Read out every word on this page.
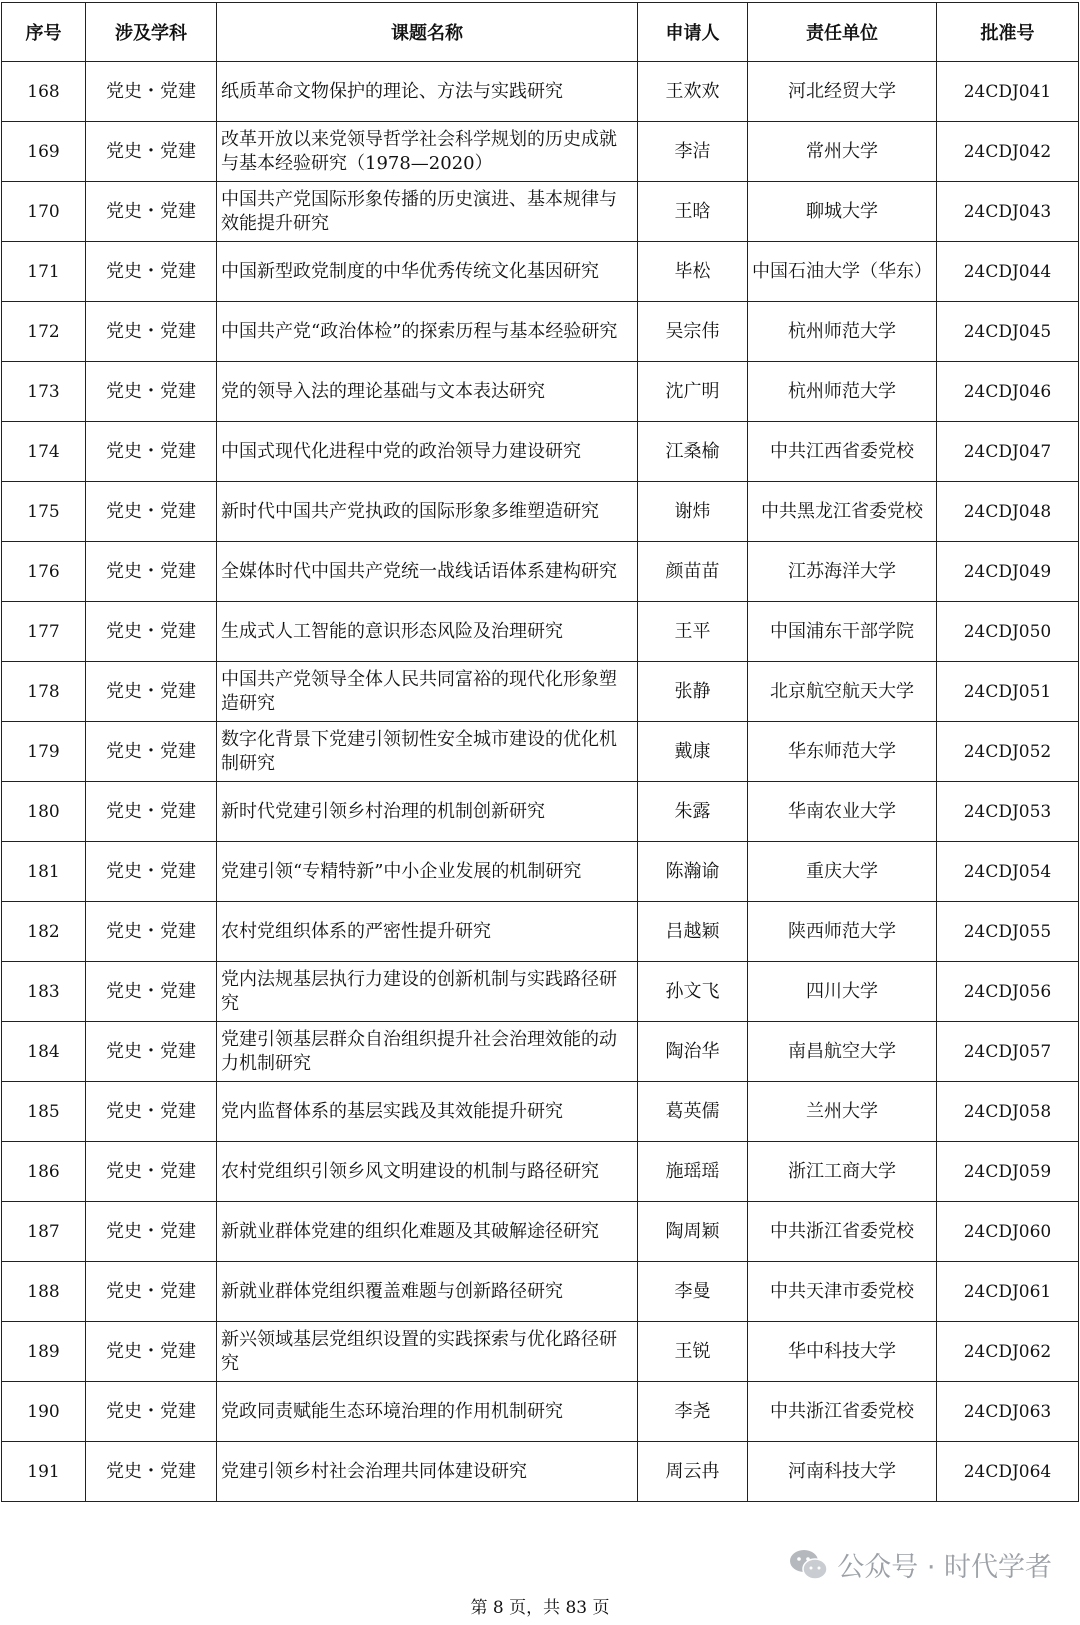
序号	涉及学科	课题名称	申请人	责任单位	批准号
168	党史・党建	纸质革命文物保护的理论、方法与实践研究	王欢欢	河北经贸大学	24CDJ041
169	党史・党建	改革开放以来党领导哲学社会科学规划的历史成就与基本经验研究（1978—2020）	李洁	常州大学	24CDJ042
170	党史・党建	中国共产党国际形象传播的历史演进、基本规律与效能提升研究	王晗	聊城大学	24CDJ043
171	党史・党建	中国新型政党制度的中华优秀传统文化基因研究	毕松	中国石油大学（华东）	24CDJ044
172	党史・党建	中国共产党“政治体检”的探索历程与基本经验研究	吴宗伟	杭州师范大学	24CDJ045
173	党史・党建	党的领导入法的理论基础与文本表达研究	沈广明	杭州师范大学	24CDJ046
174	党史・党建	中国式现代化进程中党的政治领导力建设研究	江桑榆	中共江西省委党校	24CDJ047
175	党史・党建	新时代中国共产党执政的国际形象多维塑造研究	谢炜	中共黑龙江省委党校	24CDJ048
176	党史・党建	全媒体时代中国共产党统一战线话语体系建构研究	颜苗苗	江苏海洋大学	24CDJ049
177	党史・党建	生成式人工智能的意识形态风险及治理研究	王平	中国浦东干部学院	24CDJ050
178	党史・党建	中国共产党领导全体人民共同富裕的现代化形象塑造研究	张静	北京航空航天大学	24CDJ051
179	党史・党建	数字化背景下党建引领韧性安全城市建设的优化机制研究	戴康	华东师范大学	24CDJ052
180	党史・党建	新时代党建引领乡村治理的机制创新研究	朱露	华南农业大学	24CDJ053
181	党史・党建	党建引领“专精特新”中小企业发展的机制研究	陈瀚谕	重庆大学	24CDJ054
182	党史・党建	农村党组织体系的严密性提升研究	吕越颖	陕西师范大学	24CDJ055
183	党史・党建	党内法规基层执行力建设的创新机制与实践路径研究	孙文飞	四川大学	24CDJ056
184	党史・党建	党建引领基层群众自治组织提升社会治理效能的动力机制研究	陶治华	南昌航空大学	24CDJ057
185	党史・党建	党内监督体系的基层实践及其效能提升研究	葛英儒	兰州大学	24CDJ058
186	党史・党建	农村党组织引领乡风文明建设的机制与路径研究	施瑶瑶	浙江工商大学	24CDJ059
187	党史・党建	新就业群体党建的组织化难题及其破解途径研究	陶周颖	中共浙江省委党校	24CDJ060
188	党史・党建	新就业群体党组织覆盖难题与创新路径研究	李曼	中共天津市委党校	24CDJ061
189	党史・党建	新兴领域基层党组织设置的实践探索与优化路径研究	王锐	华中科技大学	24CDJ062
190	党史・党建	党政同责赋能生态环境治理的作用机制研究	李尧	中共浙江省委党校	24CDJ063
191	党史・党建	党建引领乡村社会治理共同体建设研究	周云冉	河南科技大学	24CDJ064
公众号 · 时代学者
第 8 页，共 83 页
